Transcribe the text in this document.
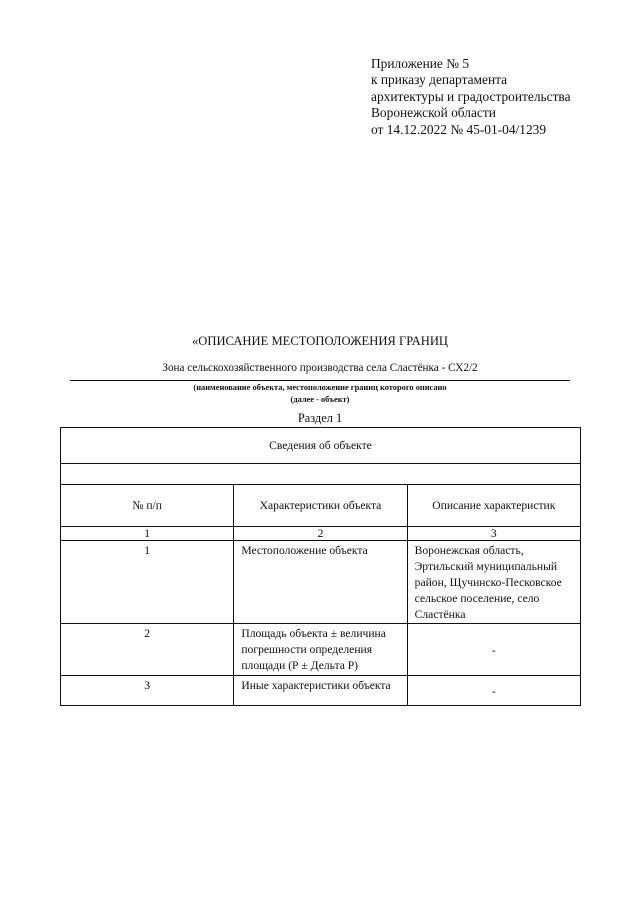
Приложение № 5
к приказу департамента
архитектуры и градостроительства
Воронежской области
от 14.12.2022 № 45-01-04/1239
«ОПИСАНИЕ МЕСТОПОЛОЖЕНИЯ ГРАНИЦ
Зона сельскохозяйственного производства села Сластёнка - СХ2/2
(наименование объекта, местоположение границ которого описано
(далее - объект)
Раздел 1
Сведения об объекте		

№ п/п	Характеристики объекта	Описание характеристик
1	2	3
1	Местоположение объекта	Воронежская область, Эртильский муниципальный район, Щучинско-Песковское сельское поселение, село Сластёнка
2	Площадь объекта ± величина погрешности определения площади (Р ± Дельта Р)	-
3	Иные характеристики объекта	-
